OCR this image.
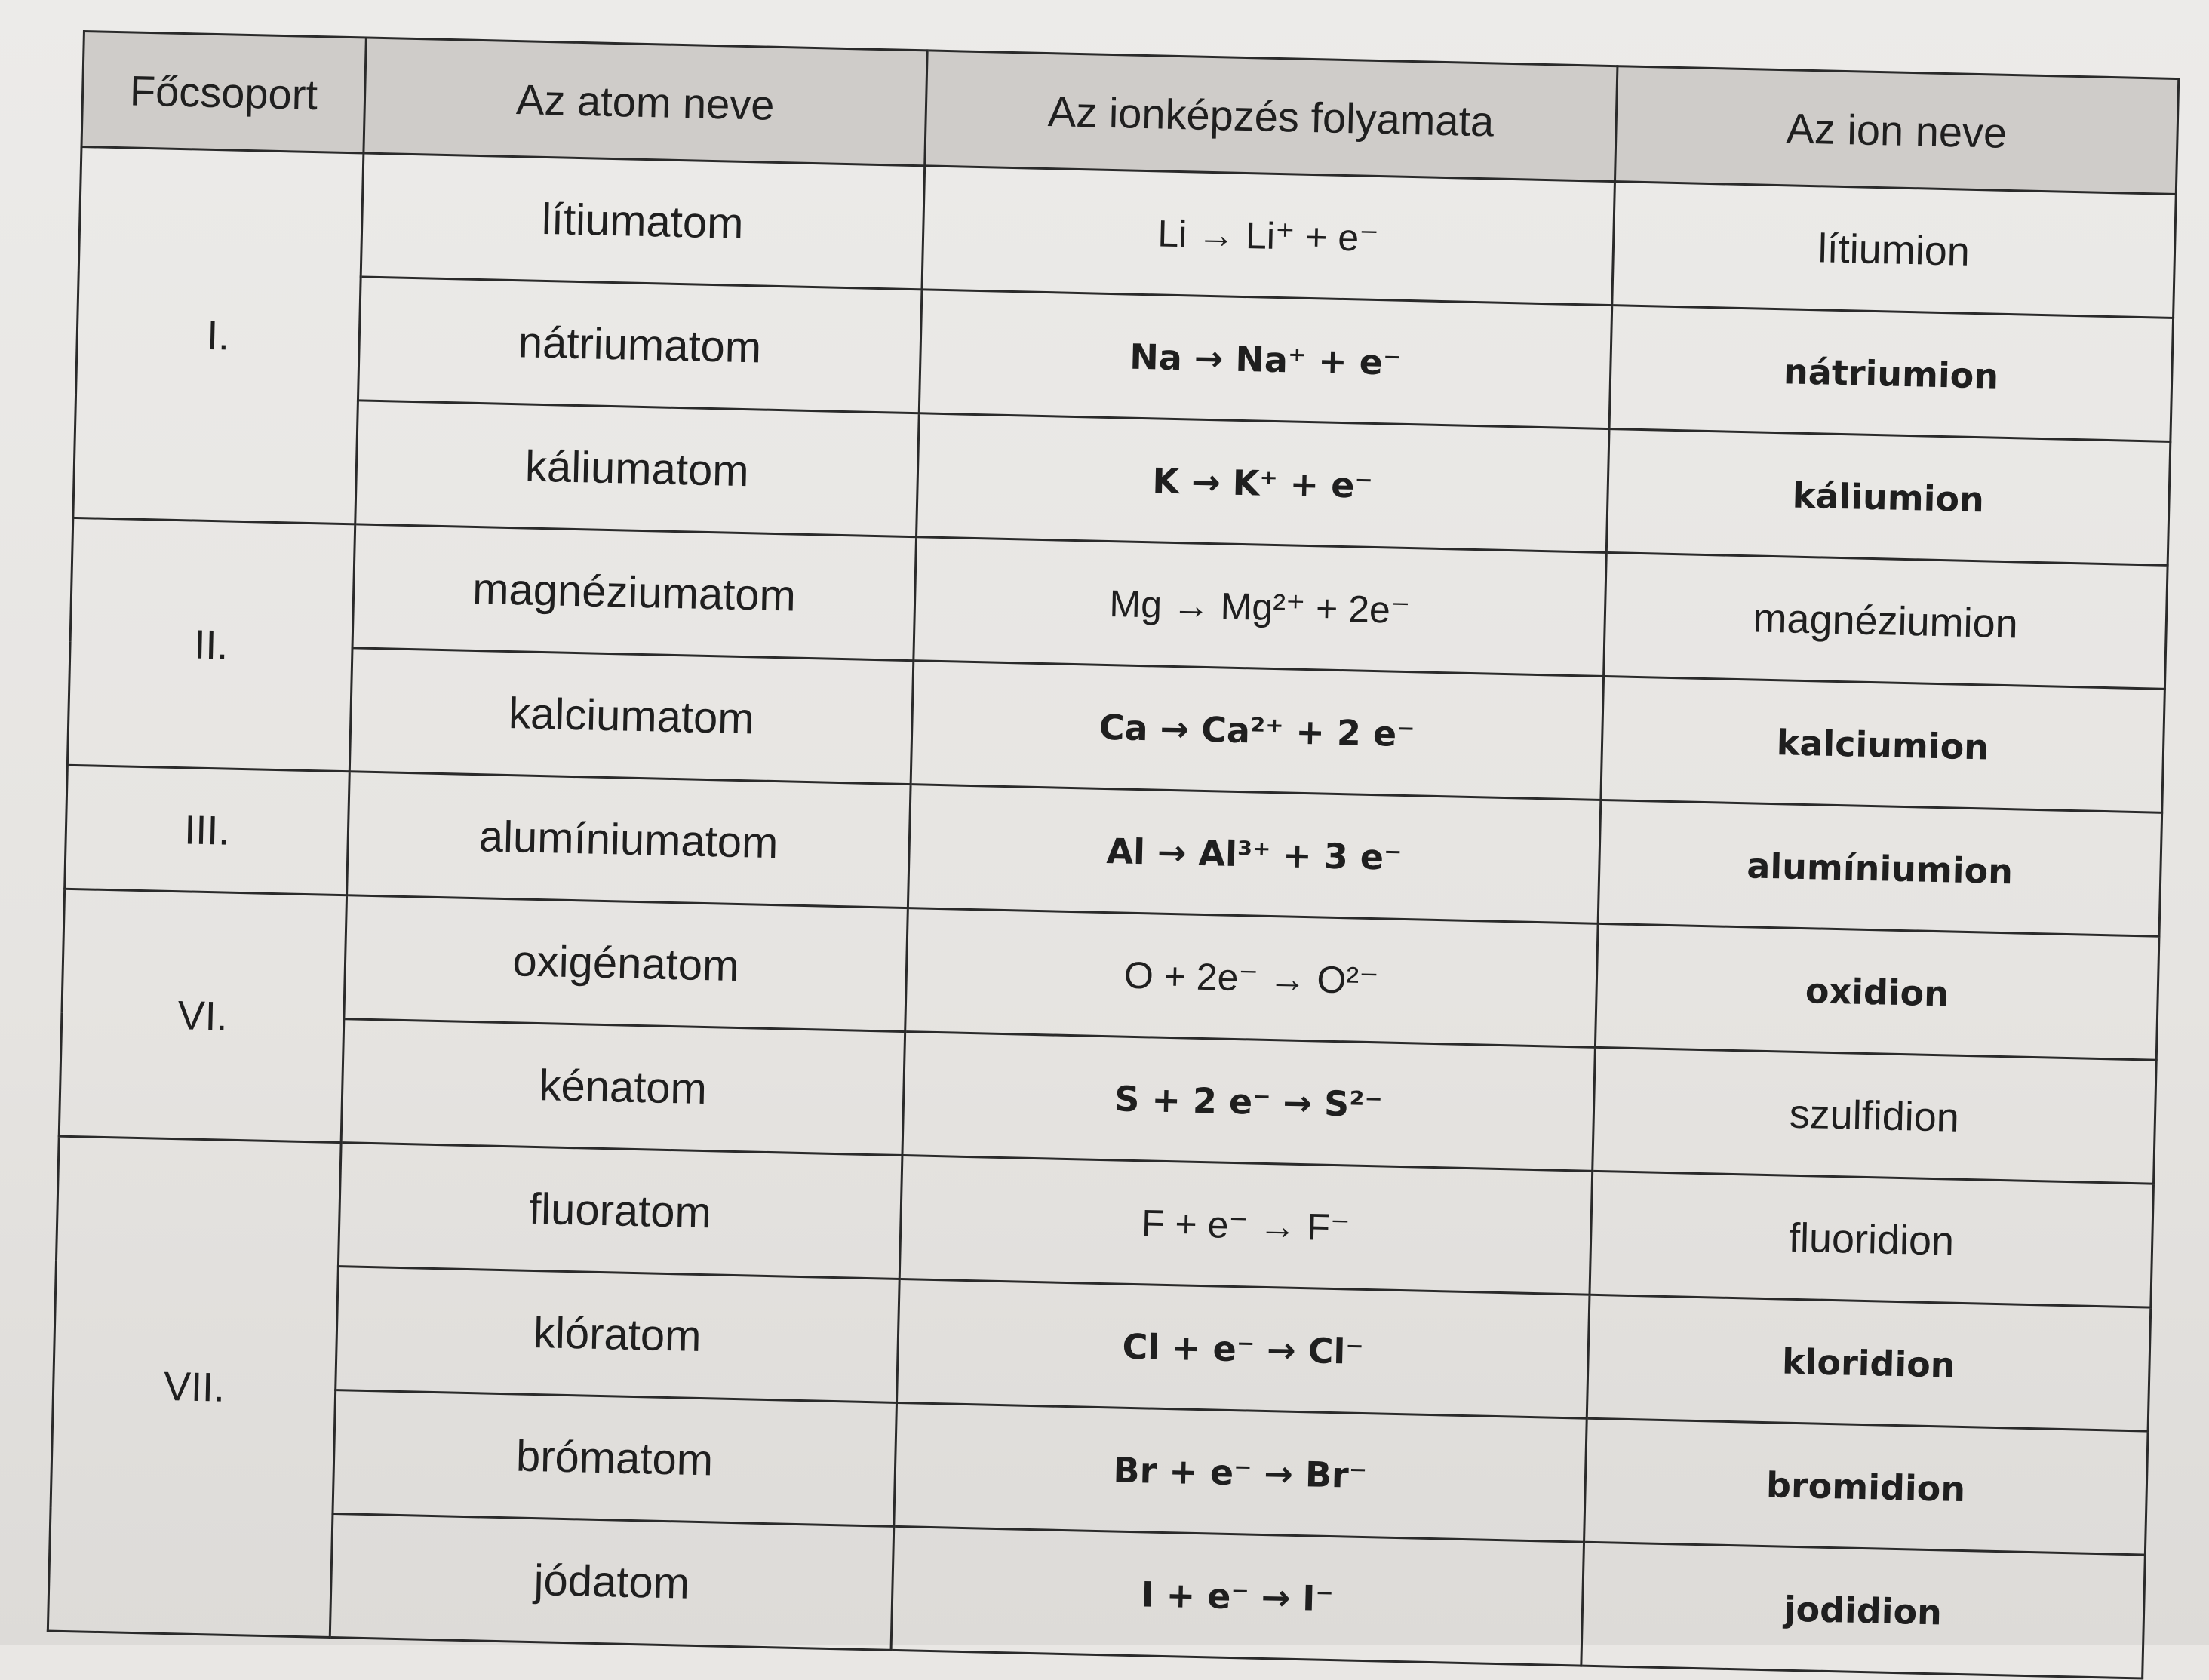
Főcsoport	Az atom neve	Az ionképzés folyamata	Az ion neve
I.	lítiumatom	Li → Li⁺ + e⁻	lítiumion
	nátriumatom	Na → Na⁺ + e⁻	nátriumion
	káliumatom	K → K⁺ + e⁻	káliumion
II.	magnéziumatom	Mg → Mg²⁺ + 2e⁻	magnéziumion
	kalciumatom	Ca → Ca²⁺ + 2 e⁻	kalciumion
III.	alumíniumatom	Al → Al³⁺ + 3 e⁻	alumíniumion
VI.	oxigénatom	O + 2e⁻ → O²⁻	oxidion
	kénatom	S + 2 e⁻ → S²⁻	szulfidion
VII.	fluoratom	F + e⁻ → F⁻	fluoridion
	klóratom	Cl + e⁻ → Cl⁻	kloridion
	brómatom	Br + e⁻ → Br⁻	bromidion
	jódatom	I + e⁻ → I⁻	jodidion
